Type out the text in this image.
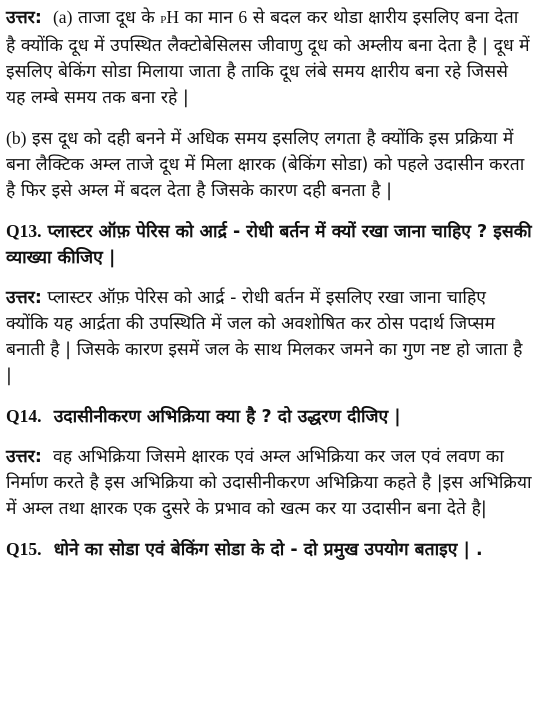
उत्तर: (a) ताजा दूध के PH का मान 6 से बदल कर थोडा क्षारीय इसलिए बना देता है क्योंकि दूध में उपस्थित लैक्टोबेसिलस जीवाणु दूध को अम्लीय बना देता है | दूध में इसलिए बेकिंग सोडा मिलाया जाता है ताकि दूध लंबे समय क्षारीय बना रहे जिससे यह लम्बे समय तक बना रहे |

(b) इस दूध को दही बनने में अधिक समय इसलिए लगता है क्योंकि इस प्रक्रिया में बना लैक्टिक अम्ल ताजे दूध में मिला क्षारक (बेकिंग सोडा) को पहले उदासीन करता है फिर इसे अम्ल में बदल देता है जिसके कारण दही बनता है |

Q13. प्लास्टर ऑफ़ पेरिस को आर्द्र - रोधी बर्तन में क्यों रखा जाना चाहिए ? इसकी व्याख्या कीजिए |

उत्तर: प्लास्टर ऑफ़ पेरिस को आर्द्र - रोधी बर्तन में इसलिए रखा जाना चाहिए क्योंकि यह आर्द्रता की उपस्थिति में जल को अवशोषित कर ठोस पदार्थ जिप्सम बनाती है | जिसके कारण इसमें जल के साथ मिलकर जमने का गुण नष्ट हो जाता है |

Q14. उदासीनीकरण अभिक्रिया क्या है ? दो उद्धरण दीजिए |

उत्तर: वह अभिक्रिया जिसमे क्षारक एवं अम्ल अभिक्रिया कर जल एवं लवण का निर्माण करते है इस अभिक्रिया को उदासीनीकरण अभिक्रिया कहते है |इस अभिक्रिया में अम्ल तथा क्षारक एक दुसरे के प्रभाव को खत्म कर या उदासीन बना देते है|

Q15. धोने का सोडा एवं बेकिंग सोडा के दो - दो प्रमुख उपयोग बताइए | .
